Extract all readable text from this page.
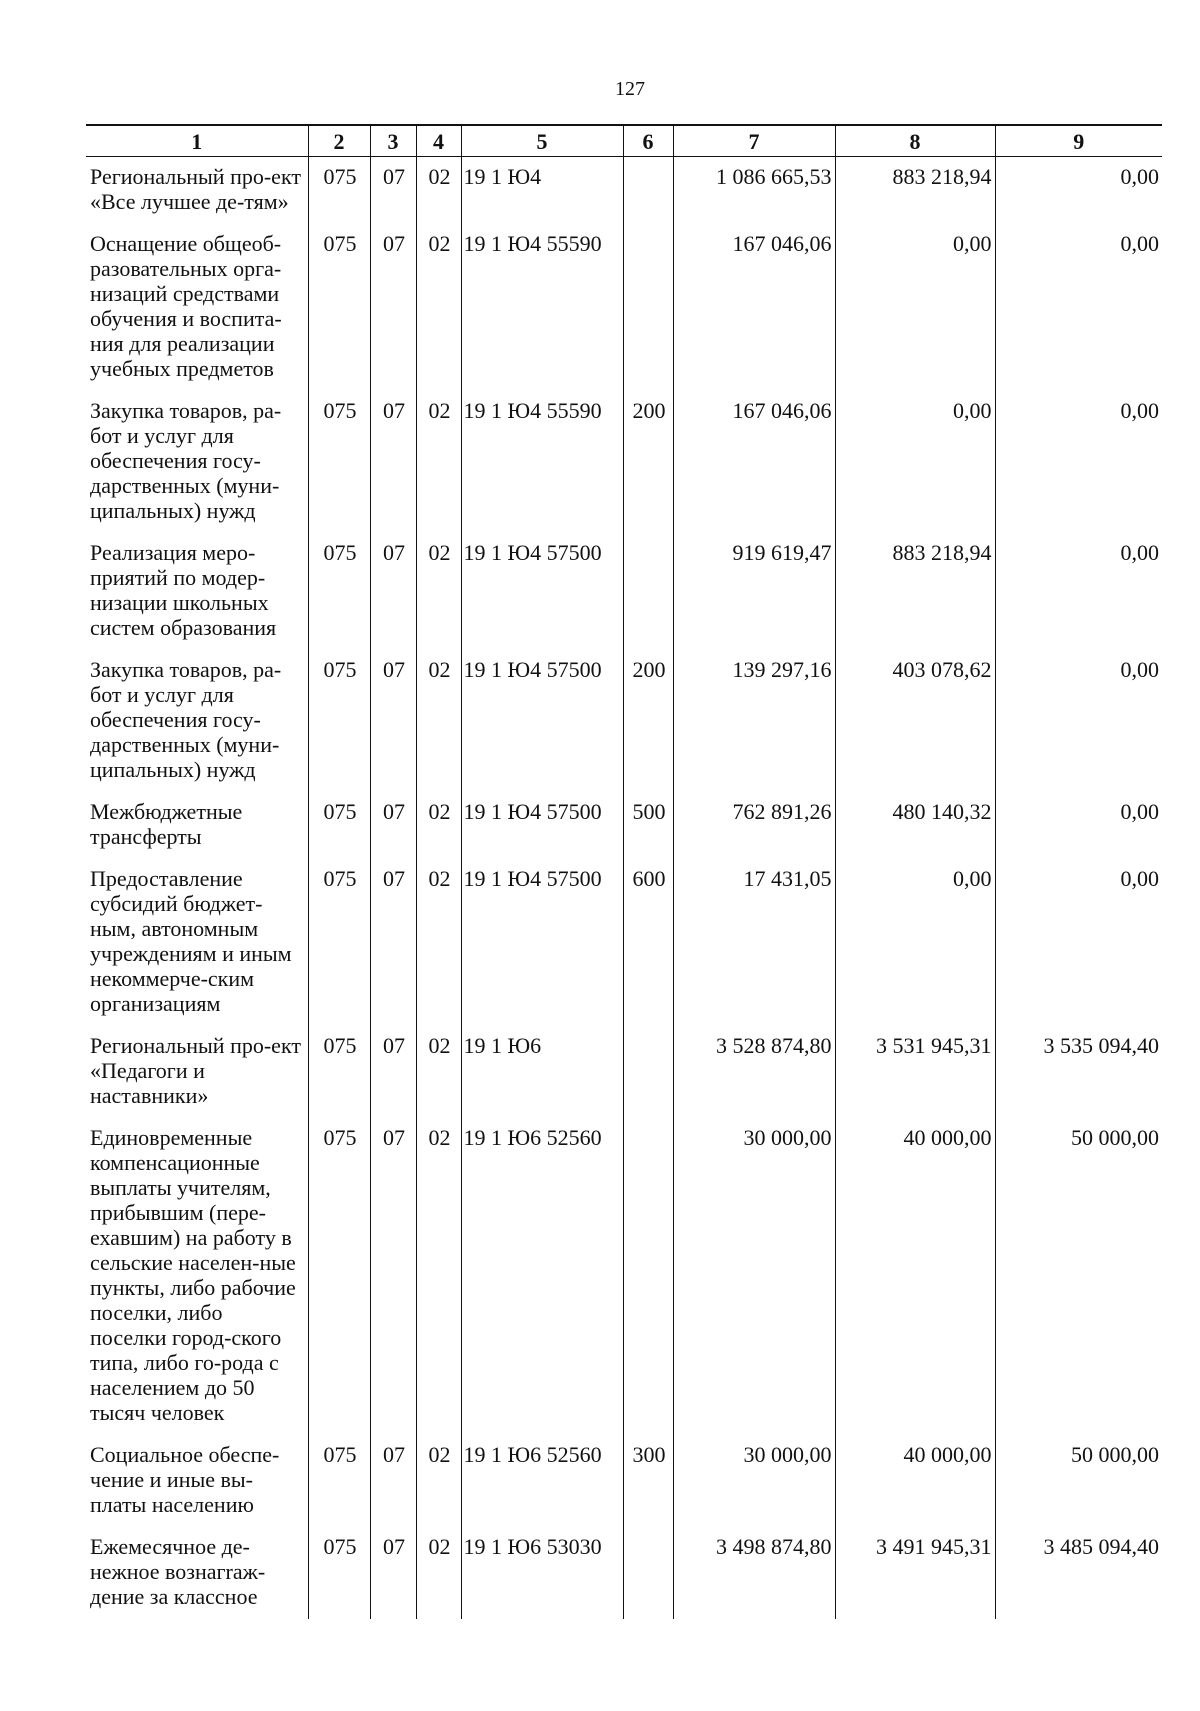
127
1	2	3	4	5	6	7	8	9
Региональный про-ект «Все лучшее де-тям»	075	07	02	19 1 Ю4		1 086 665,53	883 218,94	0,00
Оснащение общеоб-разовательных орга-низаций средствами обучения и воспита-ния для реализации учебных предметов	075	07	02	19 1 Ю4 55590		167 046,06	0,00	0,00
Закупка товаров, ра-бот и услуг для обеспечения госу-дарственных (муни-ципальных) нужд	075	07	02	19 1 Ю4 55590	200	167 046,06	0,00	0,00
Реализация меро-приятий по модер-низации школьных систем образования	075	07	02	19 1 Ю4 57500		919 619,47	883 218,94	0,00
Закупка товаров, ра-бот и услуг для обеспечения госу-дарственных (муни-ципальных) нужд	075	07	02	19 1 Ю4 57500	200	139 297,16	403 078,62	0,00
Межбюджетные трансферты	075	07	02	19 1 Ю4 57500	500	762 891,26	480 140,32	0,00
Предоставление субсидий бюджет-ным, автономным учреждениям и иным некоммерче-ским организациям	075	07	02	19 1 Ю4 57500	600	17 431,05	0,00	0,00
Региональный про-ект «Педагоги и наставники»	075	07	02	19 1 Ю6		3 528 874,80	3 531 945,31	3 535 094,40
Единовременные компенсационные выплаты учителям, прибывшим (пере-ехавшим) на работу в сельские населен-ные пункты, либо рабочие поселки, либо поселки город-ского типа, либо го-рода с населением до 50 тысяч человек	075	07	02	19 1 Ю6 52560		30 000,00	40 000,00	50 000,00
Социальное обеспе-чение и иные вы-платы населению	075	07	02	19 1 Ю6 52560	300	30 000,00	40 000,00	50 000,00
Ежемесячное де-нежное вознагraж-дение за классное	075	07	02	19 1 Ю6 53030		3 498 874,80	3 491 945,31	3 485 094,40
